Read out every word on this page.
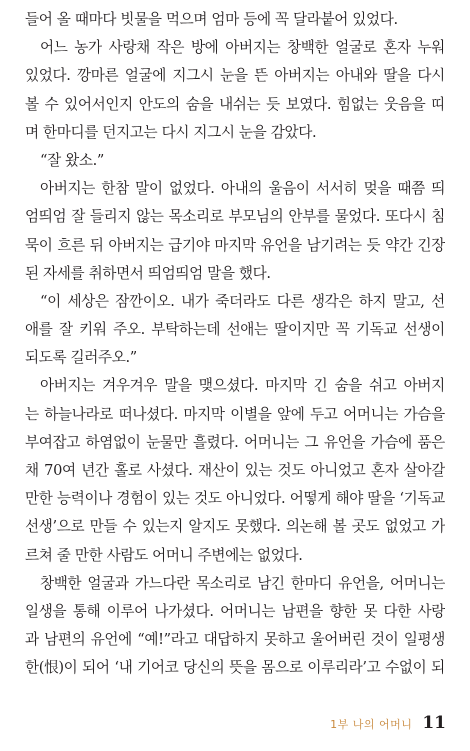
들어 올 때마다 빗물을 먹으며 엄마 등에 꼭 달라붙어 있었다.
어느 농가 사랑채 작은 방에 아버지는 창백한 얼굴로 혼자 누워
있었다. 깡마른 얼굴에 지그시 눈을 뜬 아버지는 아내와 딸을 다시
볼 수 있어서인지 안도의 숨을 내쉬는 듯 보였다. 힘없는 웃음을 띠
며 한마디를 던지고는 다시 지그시 눈을 감았다.
“잘 왔소.”
아버지는 한참 말이 없었다. 아내의 울음이 서서히 멎을 때쯤 띄
엄띄엄 잘 들리지 않는 목소리로 부모님의 안부를 물었다. 또다시 침
묵이 흐른 뒤 아버지는 급기야 마지막 유언을 남기려는 듯 약간 긴장
된 자세를 취하면서 띄엄띄엄 말을 했다.
“이 세상은 잠깐이오. 내가 죽더라도 다른 생각은 하지 말고, 선
애를 잘 키워 주오. 부탁하는데 선애는 딸이지만 꼭 기독교 선생이
되도록 길러주오.”
아버지는 겨우겨우 말을 맺으셨다. 마지막 긴 숨을 쉬고 아버지
는 하늘나라로 떠나셨다. 마지막 이별을 앞에 두고 어머니는 가슴을
부여잡고 하염없이 눈물만 흘렸다. 어머니는 그 유언을 가슴에 품은
채 70여 년간 홀로 사셨다. 재산이 있는 것도 아니었고 혼자 살아갈
만한 능력이나 경험이 있는 것도 아니었다. 어떻게 해야 딸을 ‘기독교
선생’으로 만들 수 있는지 알지도 못했다. 의논해 볼 곳도 없었고 가
르쳐 줄 만한 사람도 어머니 주변에는 없었다.
창백한 얼굴과 가느다란 목소리로 남긴 한마디 유언을, 어머니는
일생을 통해 이루어 나가셨다. 어머니는 남편을 향한 못 다한 사랑
과 남편의 유언에 “예!”라고 대답하지 못하고 울어버린 것이 일평생
한(恨)이 되어 ‘내 기어코 당신의 뜻을 몸으로 이루리라’고 수없이 되
1부 나의 어머니 11
